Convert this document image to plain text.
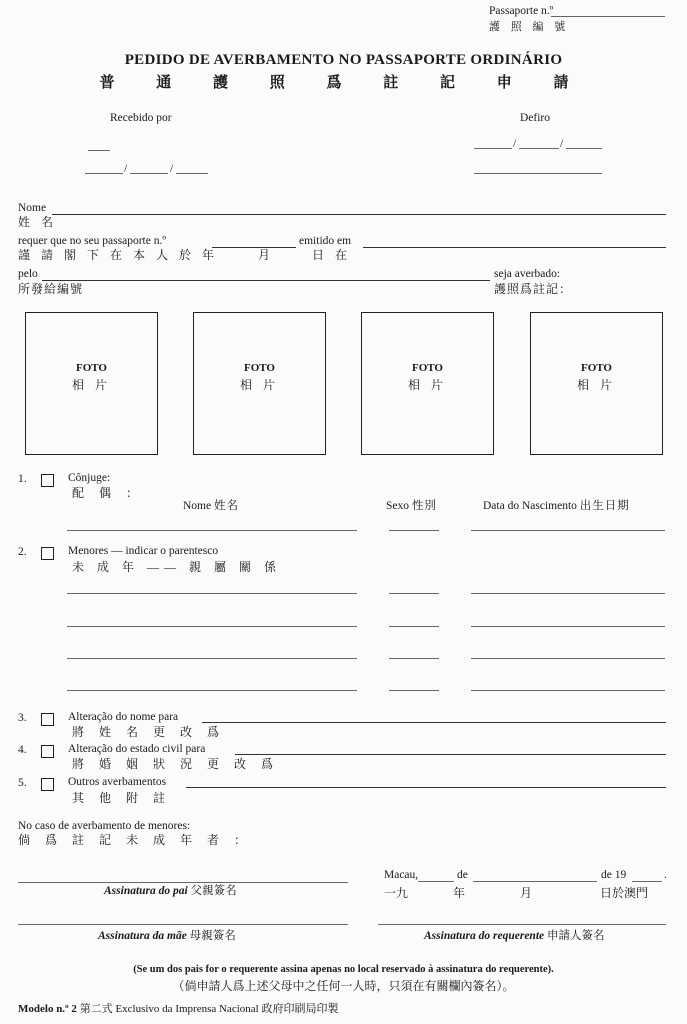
Passaporte n.º
護 照 編 號
PEDIDO DE AVERBAMENTO NO PASSAPORTE ORDINÁRIO
普 通 護 照 爲 註 記 申 請
Recebido por	Defiro
/	/
/	/
Nome
姓 名
requer que no seu passaporte n.º	emitido em
謹 請 閣 下 在 本 人 於 年	月	日 在
pelo	seja averbado:
所發給編號	護照爲註記：
FOTO
相 片
FOTO
相 片
FOTO
相 片
FOTO
相 片
1.	Cônjuge:
配 偶 ：
Nome 姓名	Sexo 性別	Data do Nascimento 出生日期
2.	Menores — indicar o parentesco
未 成 年 —— 親 屬 關 係
3.	Alteração do nome para
將 姓 名 更 改 爲
4.	Alteração do estado civil para
將 婚 姻 狀 況 更 改 爲
5.	Outros averbamentos
其 他 附 註
No caso de averbamento de menores:
倘 爲 註 記 未 成 年 者 ：
Macau,	de	de 19	.
一九	年	月	日於澳門
Assinatura do pai 父親簽名
Assinatura da mãe 母親簽名	Assinatura do requerente 申請人簽名
(Se um dos pais for o requerente assina apenas no local reservado à assinatura do requerente).
（倘申請人爲上述父母中之任何一人時，只須在有關欄內簽名）。
Modelo n.º 2 第二式 Exclusivo da Imprensa Nacional 政府印刷局印製
